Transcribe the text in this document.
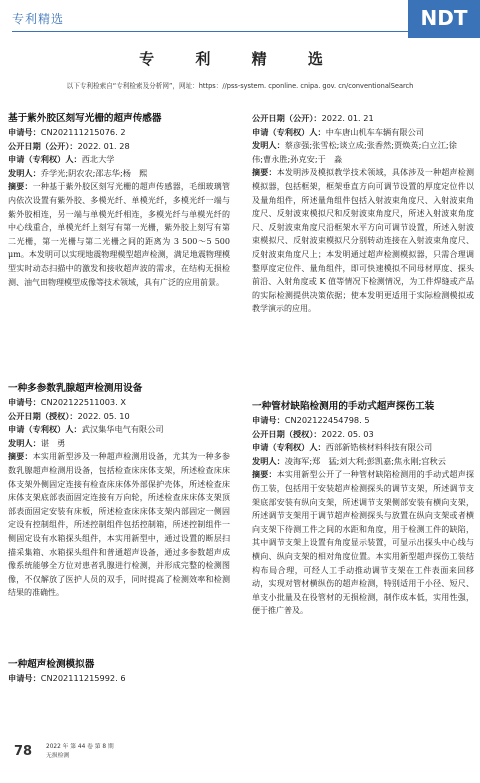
专利精选	NDT
专 利 精 选
以下专利检索自“专利检索及分析网”，网址：https：//pss-system. cponline. cnipa. gov. cn/conventionalSearch
基于紫外胶区刻写光栅的超声传感器
申请号：CN202111215076. 2
公开日期（公开）：2022. 01. 28
申请（专利权）人：西北大学
发明人：乔学光;阴农农;邵志华;杨　熙
摘要：一种基于紫外胶区刻写光栅的超声传感器，毛细玻璃管内依次设置有紫外胶、多模光纤、单模光纤，多模光纤一端与紫外胶相连，另一端与单模光纤相连，多模光纤与单模光纤的中心线重合，单模光纤上刻写有第一光栅，紫外胶上刻写有第二光栅，第一光栅与第二光栅之间的距离为 3 500～5 500 μm。本发明可以实现地震物理模型超声检测，满足地震物理模型实时动态扫描中的激发和接收超声波的需求，在结构无损检测、油气田物理模型成像等技术领域，具有广泛的应用前景。
一种多参数乳腺超声检测用设备
申请号：CN202122511003. X
公开日期（授权）：2022. 05. 10
申请（专利权）人：武汉集华电气有限公司
发明人：谌　勇
摘要：本实用新型涉及一种超声检测用设备，尤其为一种多参数乳腺超声检测用设备，包括检查床床体支架，所述检查床床体支架外侧固定连接有检查床床体外部保护壳体，所述检查床床体支架底部表面固定连接有万向轮，所述检查床床体支架顶部表面固定安装有床板，所述检查床床体支架内部固定一侧固定设有控制组件，所述控制组件包括控制箱，所述控制组件一侧固定设有水箱探头组件，本实用新型中，通过设置的断层扫描采集箱、水箱探头组件和普通超声设备，通过多参数超声成像系统能够全方位对患者乳腺进行检测，并形成完整的检测图像，不仅解放了医护人员的双手，同时提高了检测效率和检测结果的准确性。
一种超声检测模拟器
申请号：CN202111215992. 6
公开日期（公开）：2022. 01. 21
申请（专利权）人：中车唐山机车车辆有限公司
发明人：蔡彦强;张雪松;谈立成;张香然;贾焕英;白立江;徐　伟;曹永胜;孙克安;于　淼
摘要：本发明涉及模拟教学技术领域，具体涉及一种超声检测模拟器，包括框架，框架垂直方向可调节设置的厚度定位件以及量角组件，所述量角组件包括入射波束角度尺、入射波束角度尺、反射波束模拟尺和反射波束角度尺，所述入射波束角度尺、反射波束角度尺沿框架水平方向可调节设置，所述入射波束模拟尺、反射波束模拟尺分别转动连接在入射波束角度尺、反射波束角度尺上；本发明通过超声检测模拟器，只需合理调整厚度定位件、量角组件，即可快速模拟不同母材厚度、探头前沿、入射角度或 K 值等情况下检测情况，为工件焊缝或产品的实际检测提供决策依据；使本发明更适用于实际检测模拟或教学演示的应用。
一种管材缺陷检测用的手动式超声探伤工装
申请号：CN202122454798. 5
公开日期（授权）：2022. 05. 03
申请（专利权）人：西部新锆核材料科技有限公司
发明人：凌海军;郑　猛;刘大利;彭凯嘉;焦永刚;宫秋云
摘要：本实用新型公开了一种管材缺陷检测用的手动式超声探伤工装，包括用于安装超声检测探头的调节支架，所述调节支架底部安装有纵向支架，所述调节支架侧部安装有横向支架，所述调节支架用于调节超声检测探头与放置在纵向支架或者横向支架下待测工件之间的水距和角度，用于检测工件的缺陷，其中调节支架上设置有角度显示装置，可显示出探头中心线与横向、纵向支架的相对角度位置。本实用新型超声探伤工装结构布局合理，可经人工手动推动调节支架在工件表面来回移动，实现对管材横纵伤的超声检测，特别适用于小径、短尺、单支小批量及在役管材的无损检测，制作成本低，实用性强，便于推广普及。
78 2022 年 第 44 卷 第 8 期
无损检测
